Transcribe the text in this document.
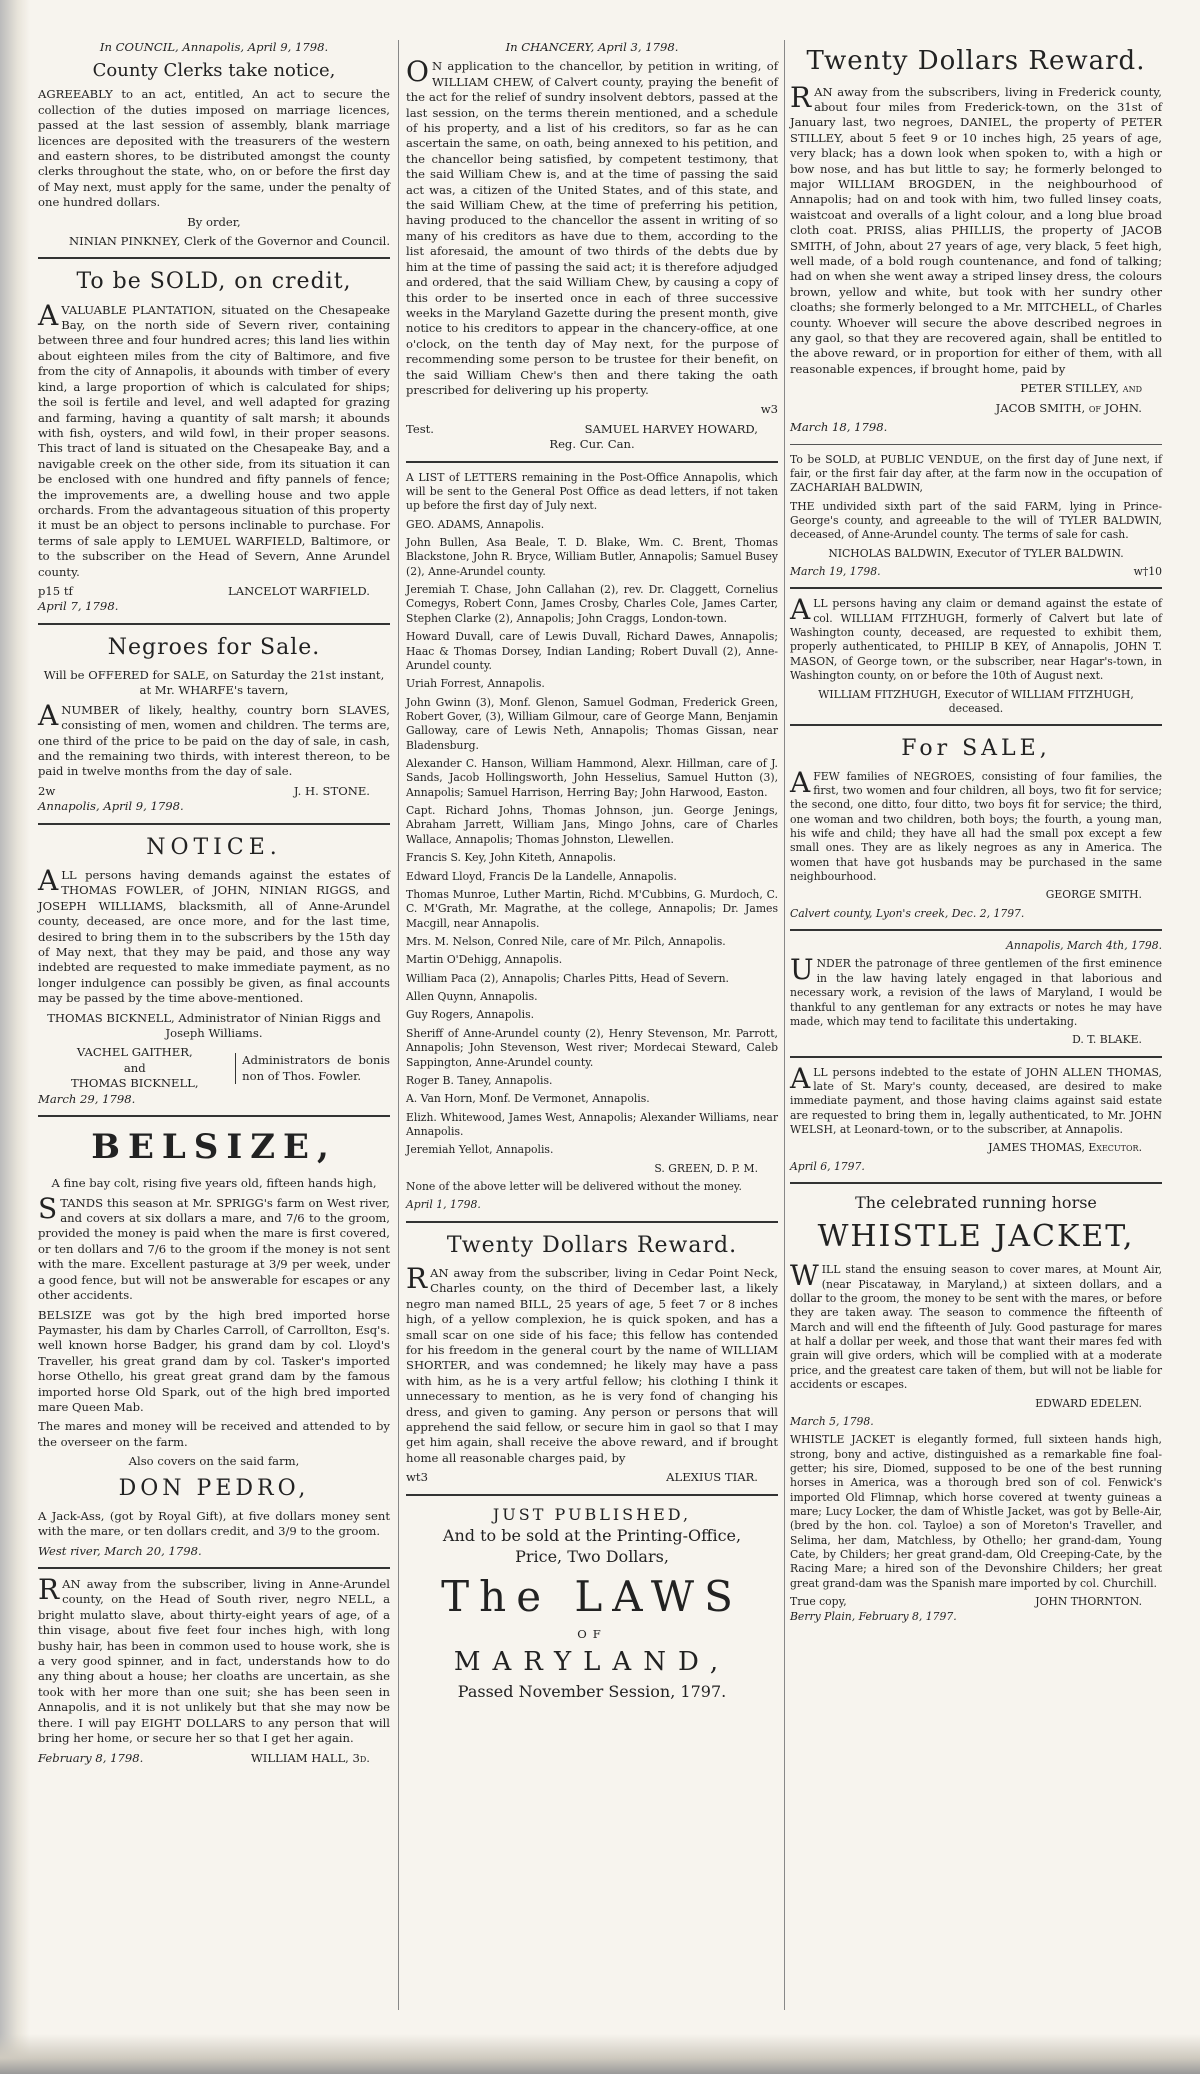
In COUNCIL, Annapolis, April 9, 1798.

County Clerks take notice,

AGREEABLY to an act, entitled, An act to secure the collection of the duties imposed on marriage licences, passed at the last session of assembly, blank marriage licences are deposited with the treasurers of the western and eastern shores, to be distributed amongst the county clerks throughout the state, who, on or before the first day of May next, must apply for the same, under the penalty of one hundred dollars.

By order,

NINIAN PINKNEY, Clerk of the Governor and Council.

To be SOLD, on credit,

AVALUABLE PLANTATION, situated on the Chesapeake Bay, on the north side of Severn river, containing between three and four hundred acres; this land lies within about eighteen miles from the city of Baltimore, and five from the city of Annapolis, it abounds with timber of every kind, a large proportion of which is calculated for ships; the soil is fertile and level, and well adapted for grazing and farming, having a quantity of salt marsh; it abounds with fish, oysters, and wild fowl, in their proper seasons. This tract of land is situated on the Chesapeake Bay, and a navigable creek on the other side, from its situation it can be enclosed with one hundred and fifty pannels of fence; the improvements are, a dwelling house and two apple orchards. From the advantageous situation of this property it must be an object to persons inclinable to purchase. For terms of sale apply to LEMUEL WARFIELD, Baltimore, or to the subscriber on the Head of Severn, Anne Arundel county.

p15 tf	LANCELOT WARFIELD.

April 7, 1798.

Negroes for Sale.

Will be OFFERED for SALE, on Saturday the 21st instant, at Mr. WHARFE's tavern,

ANUMBER of likely, healthy, country born SLAVES, consisting of men, women and children. The terms are, one third of the price to be paid on the day of sale, in cash, and the remaining two thirds, with interest thereon, to be paid in twelve months from the day of sale.

2w	J. H. STONE.

Annapolis, April 9, 1798.

NOTICE.

ALL persons having demands against the estates of THOMAS FOWLER, of JOHN, NINIAN RIGGS, and JOSEPH WILLIAMS, blacksmith, all of Anne-Arundel county, deceased, are once more, and for the last time, desired to bring them in to the subscribers by the 15th day of May next, that they may be paid, and those any way indebted are requested to make immediate payment, as no longer indulgence can possibly be given, as final accounts may be passed by the time above-mentioned.

THOMAS BICKNELL, Administrator of Ninian Riggs and Joseph Williams.

VACHEL GAITHER,
and
THOMAS BICKNELL,
Administrators de bonis non of Thos. Fowler.

March 29, 1798.

BELSIZE,

A fine bay colt, rising five years old, fifteen hands high,

STANDS this season at Mr. SPRIGG's farm on West river, and covers at six dollars a mare, and 7/6 to the groom, provided the money is paid when the mare is first covered, or ten dollars and 7/6 to the groom if the money is not sent with the mare. Excellent pasturage at 3/9 per week, under a good fence, but will not be answerable for escapes or any other accidents.

BELSIZE was got by the high bred imported horse Paymaster, his dam by Charles Carroll, of Carrollton, Esq's. well known horse Badger, his grand dam by col. Lloyd's Traveller, his great grand dam by col. Tasker's imported horse Othello, his great great grand dam by the famous imported horse Old Spark, out of the high bred imported mare Queen Mab.

The mares and money will be received and attended to by the overseer on the farm.

Also covers on the said farm,

DON PEDRO,

A Jack-Ass, (got by Royal Gift), at five dollars money sent with the mare, or ten dollars credit, and 3/9 to the groom.

West river, March 20, 1798.

RAN away from the subscriber, living in Anne-Arundel county, on the Head of South river, negro NELL, a bright mulatto slave, about thirty-eight years of age, of a thin visage, about five feet four inches high, with long bushy hair, has been in common used to house work, she is a very good spinner, and in fact, understands how to do any thing about a house; her cloaths are uncertain, as she took with her more than one suit; she has been seen in Annapolis, and it is not unlikely but that she may now be there. I will pay EIGHT DOLLARS to any person that will bring her home, or secure her so that I get her again.

February 8, 1798.	WILLIAM HALL, 3d.

In CHANCERY, April 3, 1798.

ON application to the chancellor, by petition in writing, of WILLIAM CHEW, of Calvert county, praying the benefit of the act for the relief of sundry insolvent debtors, passed at the last session, on the terms therein mentioned, and a schedule of his property, and a list of his creditors, so far as he can ascertain the same, on oath, being annexed to his petition, and the chancellor being satisfied, by competent testimony, that the said William Chew is, and at the time of passing the said act was, a citizen of the United States, and of this state, and the said William Chew, at the time of preferring his petition, having produced to the chancellor the assent in writing of so many of his creditors as have due to them, according to the list aforesaid, the amount of two thirds of the debts due by him at the time of passing the said act; it is therefore adjudged and ordered, that the said William Chew, by causing a copy of this order to be inserted once in each of three successive weeks in the Maryland Gazette during the present month, give notice to his creditors to appear in the chancery-office, at one o'clock, on the tenth day of May next, for the purpose of recommending some person to be trustee for their benefit, on the said William Chew's then and there taking the oath prescribed for delivering up his property.

w3

Test.	SAMUEL HARVEY HOWARD,

Reg. Cur. Can.

A LIST of LETTERS remaining in the Post-Office Annapolis, which will be sent to the General Post Office as dead letters, if not taken up before the first day of July next.

GEO. ADAMS, Annapolis.

John Bullen, Asa Beale, T. D. Blake, Wm. C. Brent, Thomas Blackstone, John R. Bryce, William Butler, Annapolis; Samuel Busey (2), Anne-Arundel county.

Jeremiah T. Chase, John Callahan (2), rev. Dr. Claggett, Cornelius Comegys, Robert Conn, James Crosby, Charles Cole, James Carter, Stephen Clarke (2), Annapolis; John Craggs, London-town.

Howard Duvall, care of Lewis Duvall, Richard Dawes, Annapolis; Haac & Thomas Dorsey, Indian Landing; Robert Duvall (2), Anne-Arundel county.

Uriah Forrest, Annapolis.

John Gwinn (3), Monf. Glenon, Samuel Godman, Frederick Green, Robert Gover, (3), William Gilmour, care of George Mann, Benjamin Galloway, care of Lewis Neth, Annapolis; Thomas Gissan, near Bladensburg.

Alexander C. Hanson, William Hammond, Alexr. Hillman, care of J. Sands, Jacob Hollingsworth, John Hesselius, Samuel Hutton (3), Annapolis; Samuel Harrison, Herring Bay; John Harwood, Easton.

Capt. Richard Johns, Thomas Johnson, jun. George Jenings, Abraham Jarrett, William Jans, Mingo Johns, care of Charles Wallace, Annapolis; Thomas Johnston, Llewellen.

Francis S. Key, John Kiteth, Annapolis.

Edward Lloyd, Francis De la Landelle, Annapolis.

Thomas Munroe, Luther Martin, Richd. M'Cubbins, G. Murdoch, C. C. M'Grath, Mr. Magrathe, at the college, Annapolis; Dr. James Macgill, near Annapolis.

Mrs. M. Nelson, Conred Nile, care of Mr. Pilch, Annapolis.

Martin O'Dehigg, Annapolis.

William Paca (2), Annapolis; Charles Pitts, Head of Severn.

Allen Quynn, Annapolis.

Guy Rogers, Annapolis.

Sheriff of Anne-Arundel county (2), Henry Stevenson, Mr. Parrott, Annapolis; John Stevenson, West river; Mordecai Steward, Caleb Sappington, Anne-Arundel county.

Roger B. Taney, Annapolis.

A. Van Horn, Monf. De Vermonet, Annapolis.

Elizh. Whitewood, James West, Annapolis; Alexander Williams, near Annapolis.

Jeremiah Yellot, Annapolis.

S. GREEN, D. P. M.

None of the above letter will be delivered without the money.

April 1, 1798.

Twenty Dollars Reward.

RAN away from the subscriber, living in Cedar Point Neck, Charles county, on the third of December last, a likely negro man named BILL, 25 years of age, 5 feet 7 or 8 inches high, of a yellow complexion, he is quick spoken, and has a small scar on one side of his face; this fellow has contended for his freedom in the general court by the name of WILLIAM SHORTER, and was condemned; he likely may have a pass with him, as he is a very artful fellow; his clothing I think it unnecessary to mention, as he is very fond of changing his dress, and given to gaming. Any person or persons that will apprehend the said fellow, or secure him in gaol so that I may get him again, shall receive the above reward, and if brought home all reasonable charges paid, by

wt3	ALEXIUS TIAR.
JUST PUBLISHED,
And to be sold at the Printing-Office,
Price, Two Dollars,
The LAWS
OF
MARYLAND,
Passed November Session, 1797.
Twenty Dollars Reward.

RAN away from the subscribers, living in Frederick county, about four miles from Frederick-town, on the 31st of January last, two negroes, DANIEL, the property of PETER STILLEY, about 5 feet 9 or 10 inches high, 25 years of age, very black; has a down look when spoken to, with a high or bow nose, and has but little to say; he formerly belonged to major WILLIAM BROGDEN, in the neighbourhood of Annapolis; had on and took with him, two fulled linsey coats, waistcoat and overalls of a light colour, and a long blue broad cloth coat. PRISS, alias PHILLIS, the property of JACOB SMITH, of John, about 27 years of age, very black, 5 feet high, well made, of a bold rough countenance, and fond of talking; had on when she went away a striped linsey dress, the colours brown, yellow and white, but took with her sundry other cloaths; she formerly belonged to a Mr. MITCHELL, of Charles county. Whoever will secure the above described negroes in any gaol, so that they are recovered again, shall be entitled to the above reward, or in proportion for either of them, with all reasonable expences, if brought home, paid by

PETER STILLEY, and

JACOB SMITH, of JOHN.

March 18, 1798.

To be SOLD, at PUBLIC VENDUE, on the first day of June next, if fair, or the first fair day after, at the farm now in the occupation of ZACHARIAH BALDWIN,

THE undivided sixth part of the said FARM, lying in Prince-George's county, and agreeable to the will of TYLER BALDWIN, deceased, of Anne-Arundel county. The terms of sale for cash.

NICHOLAS BALDWIN, Executor of TYLER BALDWIN.

March 19, 1798.	w†10

ALL persons having any claim or demand against the estate of col. WILLIAM FITZHUGH, formerly of Calvert but late of Washington county, deceased, are requested to exhibit them, properly authenticated, to PHILIP B KEY, of Annapolis, JOHN T. MASON, of George town, or the subscriber, near Hagar's-town, in Washington county, on or before the 10th of August next.

WILLIAM FITZHUGH, Executor of WILLIAM FITZHUGH, deceased.

For SALE,

AFEW families of NEGROES, consisting of four families, the first, two women and four children, all boys, two fit for service; the second, one ditto, four ditto, two boys fit for service; the third, one woman and two children, both boys; the fourth, a young man, his wife and child; they have all had the small pox except a few small ones. They are as likely negroes as any in America. The women that have got husbands may be purchased in the same neighbourhood.

GEORGE SMITH.

Calvert county, Lyon's creek, Dec. 2, 1797.

Annapolis, March 4th, 1798.

UNDER the patronage of three gentlemen of the first eminence in the law having lately engaged in that laborious and necessary work, a revision of the laws of Maryland, I would be thankful to any gentleman for any extracts or notes he may have made, which may tend to facilitate this undertaking.

D. T. BLAKE.

ALL persons indebted to the estate of JOHN ALLEN THOMAS, late of St. Mary's county, deceased, are desired to make immediate payment, and those having claims against said estate are requested to bring them in, legally authenticated, to Mr. JOHN WELSH, at Leonard-town, or to the subscriber, at Annapolis.

JAMES THOMAS, Executor.

April 6, 1797.

The celebrated running horse
WHISTLE JACKET,

WILL stand the ensuing season to cover mares, at Mount Air, (near Piscataway, in Maryland,) at sixteen dollars, and a dollar to the groom, the money to be sent with the mares, or before they are taken away. The season to commence the fifteenth of March and will end the fifteenth of July. Good pasturage for mares at half a dollar per week, and those that want their mares fed with grain will give orders, which will be complied with at a moderate price, and the greatest care taken of them, but will not be liable for accidents or escapes.

EDWARD EDELEN.

March 5, 1798.

WHISTLE JACKET is elegantly formed, full sixteen hands high, strong, bony and active, distinguished as a remarkable fine foal-getter; his sire, Diomed, supposed to be one of the best running horses in America, was a thorough bred son of col. Fenwick's imported Old Flimnap, which horse covered at twenty guineas a mare; Lucy Locker, the dam of Whistle Jacket, was got by Belle-Air, (bred by the hon. col. Tayloe) a son of Moreton's Traveller, and Selima, her dam, Matchless, by Othello; her grand-dam, Young Cate, by Childers; her great grand-dam, Old Creeping-Cate, by the Racing Mare; a hired son of the Devonshire Childers; her great great grand-dam was the Spanish mare imported by col. Churchill.

True copy,	JOHN THORNTON.

Berry Plain, February 8, 1797.
